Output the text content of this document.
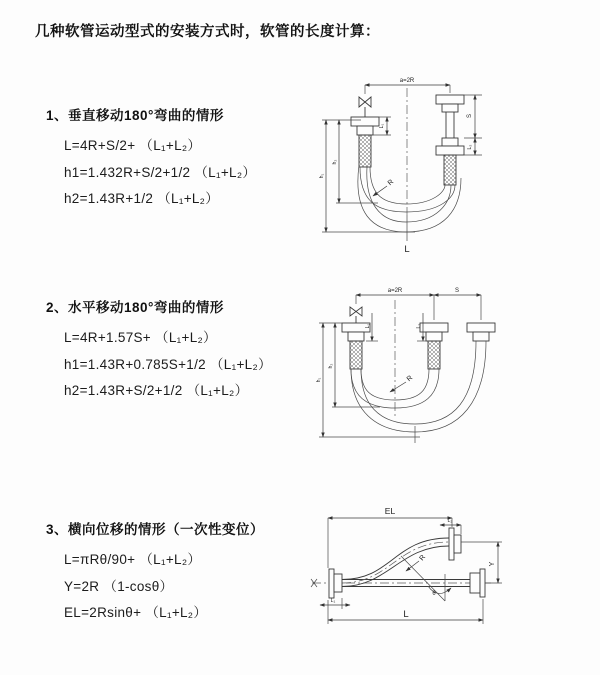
几种软管运动型式的安装方式时，软管的长度计算：
1、垂直移动180°弯曲的情形
L=4R+S/2+ （L₁+L₂）
h1=1.432R+S/2+1/2 （L₁+L₂）
h2=1.43R+1/2 （L₁+L₂）
2、水平移动180°弯曲的情形
L=4R+1.57S+ （L₁+L₂）
h1=1.43R+0.785S+1/2 （L₁+L₂）
h2=1.43R+S/2+1/2 （L₁+L₂）
3、横向位移的情形（一次性变位）
L=πRθ/90+ （L₁+L₂）
Y=2R （1-cosθ）
EL=2Rsinθ+ （L₁+L₂）
a=2R
L₁
S
L₂
h₁
h₂
R
L
a=2R	S
L₁	L₂
h₁
h₂
R
EL
L₂
Y
R
θ
L₁
L
